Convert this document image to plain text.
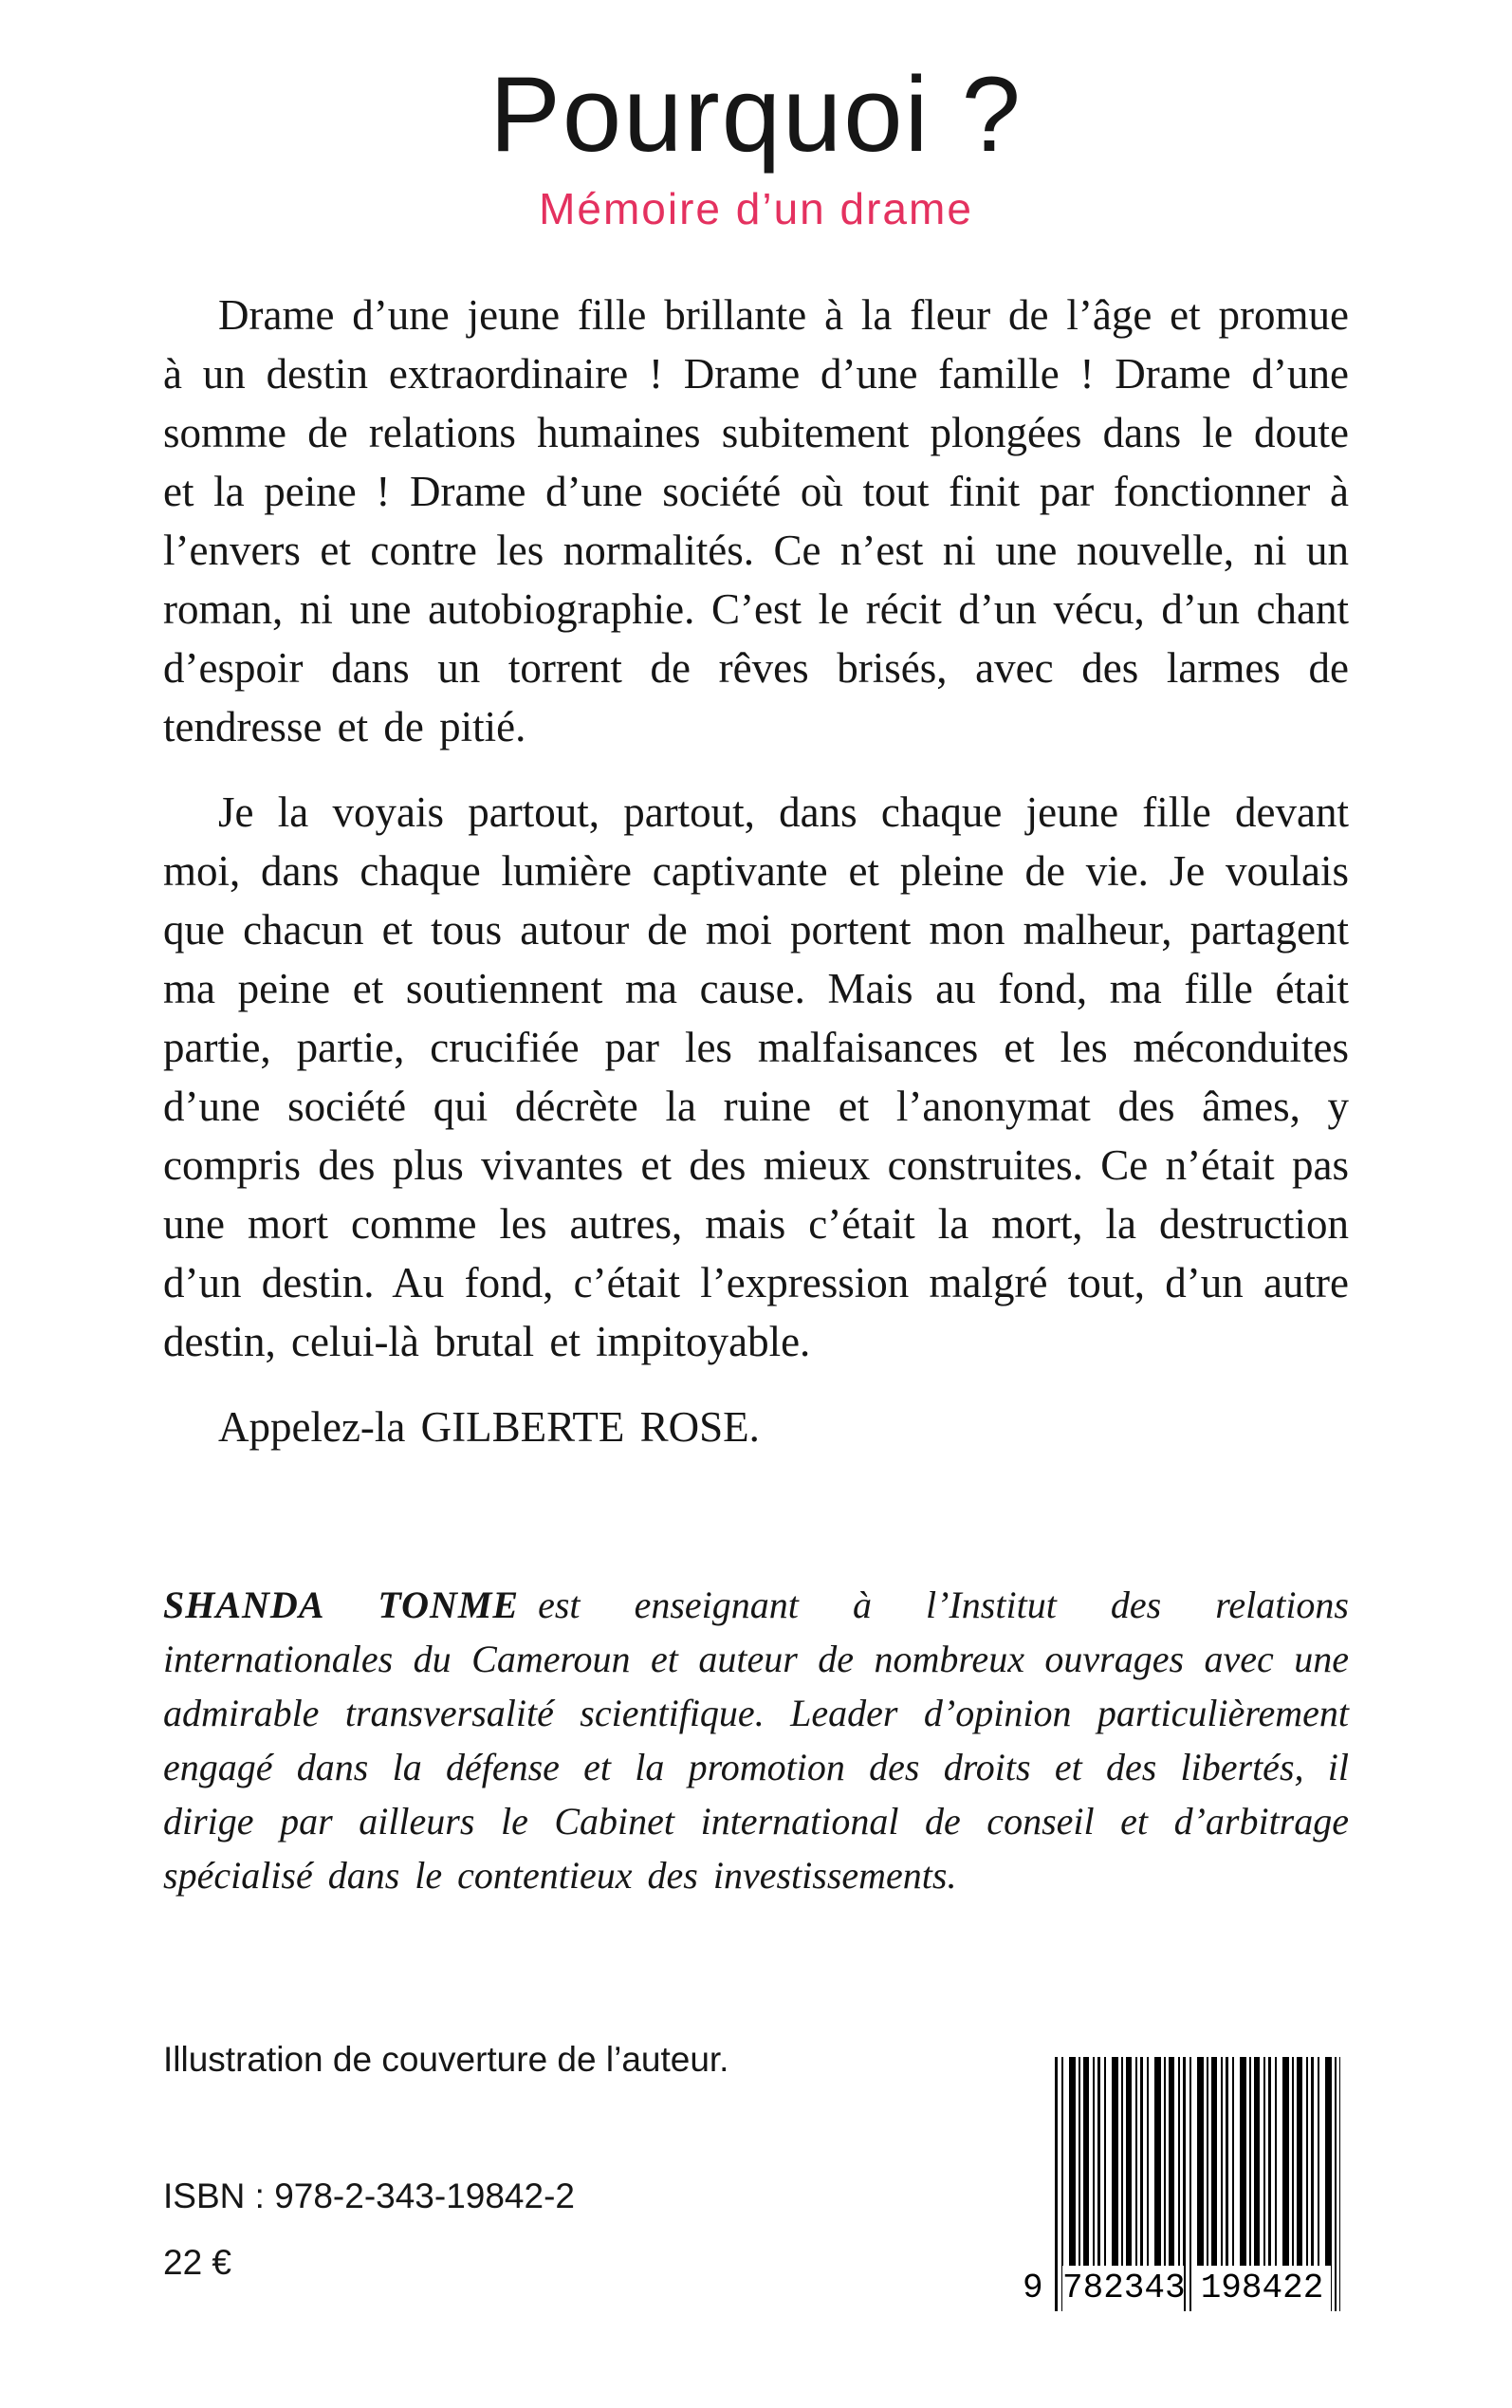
Pourquoi ?
Mémoire d’un drame

Drame d’une jeune fille brillante à la fleur de l’âge et promue à un destin extraordinaire ! Drame d’une famille ! Drame d’une somme de relations humaines subitement plongées dans le doute et la peine ! Drame d’une société où tout finit par fonctionner à l’envers et contre les normalités. Ce n’est ni une nouvelle, ni un roman, ni une autobiographie. C’est le récit d’un vécu, d’un chant d’espoir dans un torrent de rêves brisés, avec des larmes de tendresse et de pitié.

Je la voyais partout, partout, dans chaque jeune fille devant moi, dans chaque lumière captivante et pleine de vie. Je voulais que chacun et tous autour de moi portent mon malheur, partagent ma peine et soutiennent ma cause. Mais au fond, ma fille était partie, partie, crucifiée par les malfaisances et les méconduites d’une société qui décrète la ruine et l’anonymat des âmes, y compris des plus vivantes et des mieux construites. Ce n’était pas une mort comme les autres, mais c’était la mort, la destruction d’un destin. Au fond, c’était l’expression malgré tout, d’un autre destin, celui-là brutal et impitoyable.

Appelez-la GILBERTE ROSE.

SHANDA TONME est enseignant à l’Institut des relations internationales du Cameroun et auteur de nombreux ouvrages avec une admirable transversalité scientifique. Leader d’opinion particulièrement engagé dans la défense et la promotion des droits et des libertés, il dirige par ailleurs le Cabinet international de conseil et d’arbitrage spécialisé dans le contentieux des investissements.
Illustration de couverture de l’auteur.
ISBN : 978-2-343-19842-2
22 €
9 782343 198422
